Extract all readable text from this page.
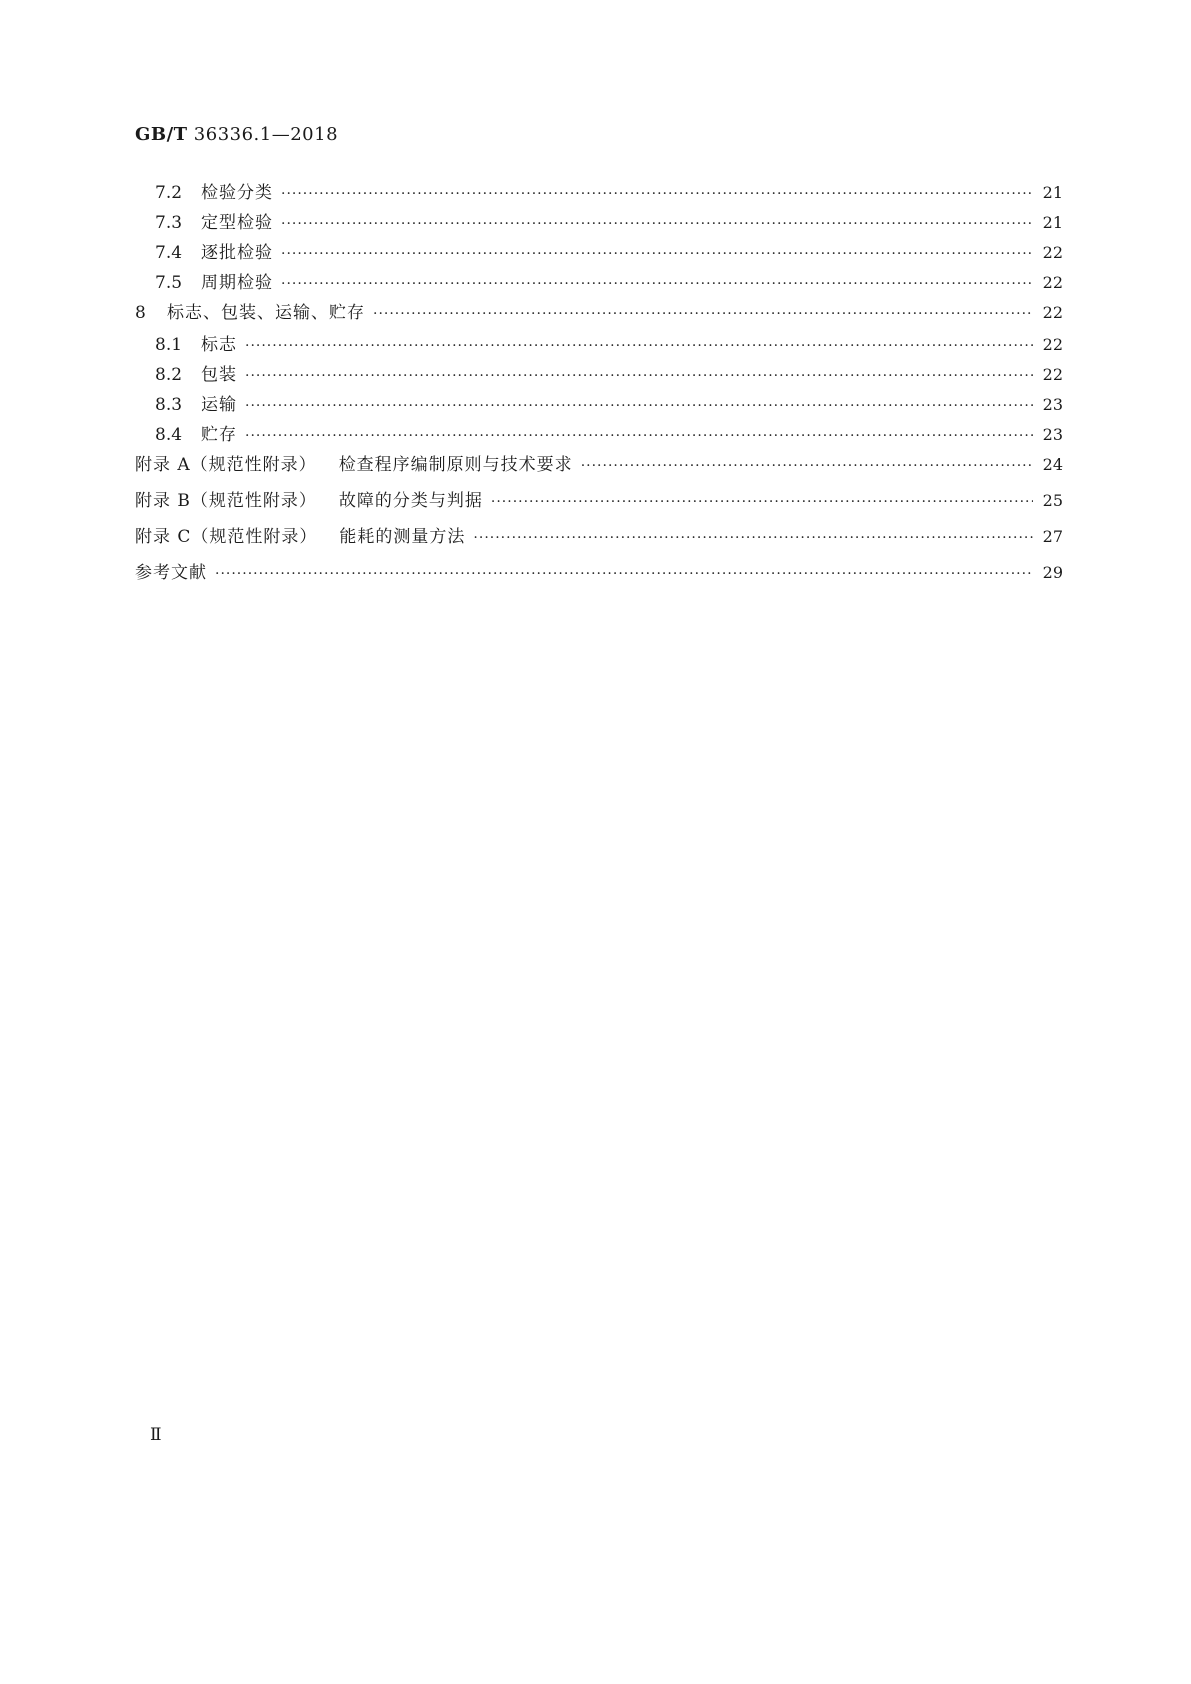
GB/T 36336.1—2018
7.2	检验分类 ·····	21
7.3	定型检验 ·····	21
7.4	逐批检验 ·····	22
7.5	周期检验 ·····	22
8	标志、包装、运输、贮存 ·····	22
8.1	标志 ·····	22
8.2	包装 ·····	22
8.3	运输 ·····	23
8.4	贮存 ·····	23
附录 A（规范性附录） 检查程序编制原则与技术要求 ·····	24
附录 B（规范性附录） 故障的分类与判据 ·····	25
附录 C（规范性附录） 能耗的测量方法 ·····	27
参考文献 ·····	29
Ⅱ
